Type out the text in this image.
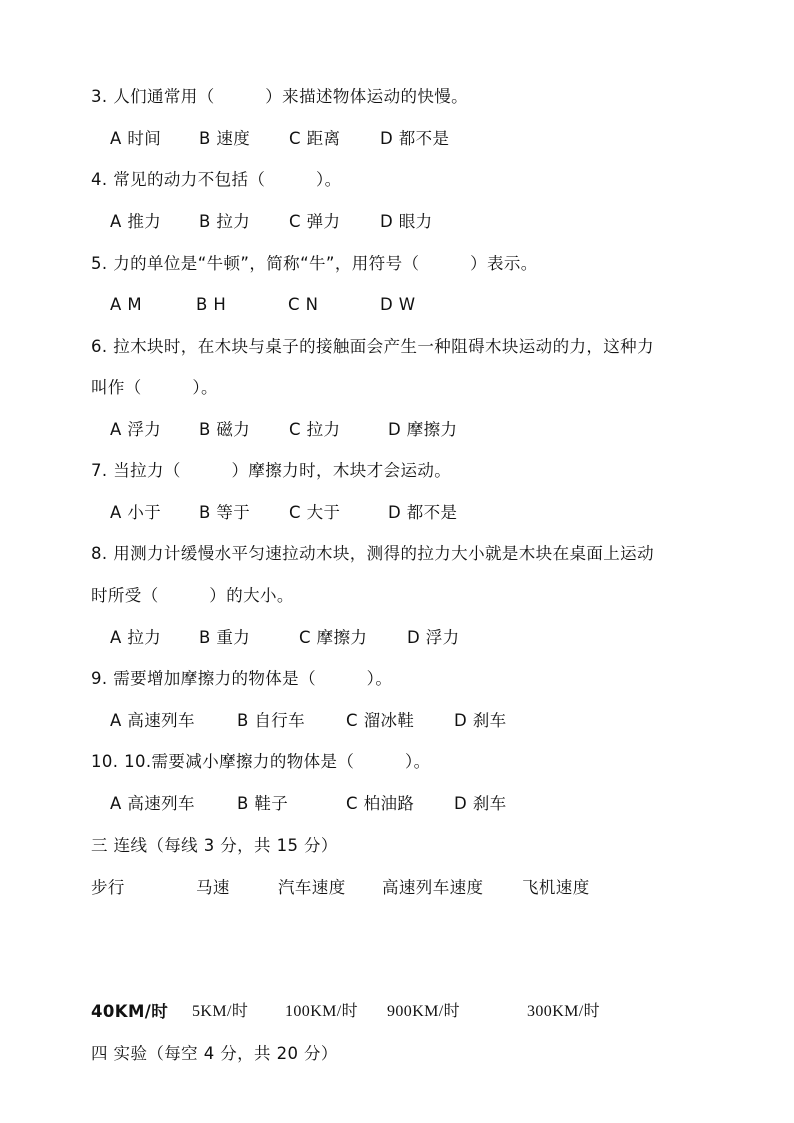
3. 人们通常用（　　　）来描述物体运动的快慢。
A 时间 B 速度 C 距离 D 都不是
4. 常见的动力不包括（　　　）。
A 推力 B 拉力 C 弹力 D 眼力
5. 力的单位是“牛顿”，简称“牛”，用符号（　　　）表示。
A M	B H	C N	D W
6. 拉木块时，在木块与桌子的接触面会产生一种阻碍木块运动的力，这种力
叫作（　　　）。
A 浮力 B 磁力 C 拉力	D 摩擦力
7. 当拉力（　　　）摩擦力时，木块才会运动。
A 小于 B 等于 C 大于	D 都不是
8. 用测力计缓慢水平匀速拉动木块，测得的拉力大小就是木块在桌面上运动
时所受（　　　）的大小。
A 拉力 B 重力	C 摩擦力 D 浮力
9. 需要增加摩擦力的物体是（　　　）。
A 高速列车	B 自行车 C 溜冰鞋 D 刹车
10. 10.需要减小摩擦力的物体是（　　　）。
A 高速列车	B 鞋子	C 柏油路 D 刹车
三 连线（每线 3 分，共 15 分）
步行	马速	汽车速度 高速列车速度 飞机速度
40KM/时 5KM/时 100KM/时 900KM/时	300KM/时
四 实验（每空 4 分，共 20 分）
